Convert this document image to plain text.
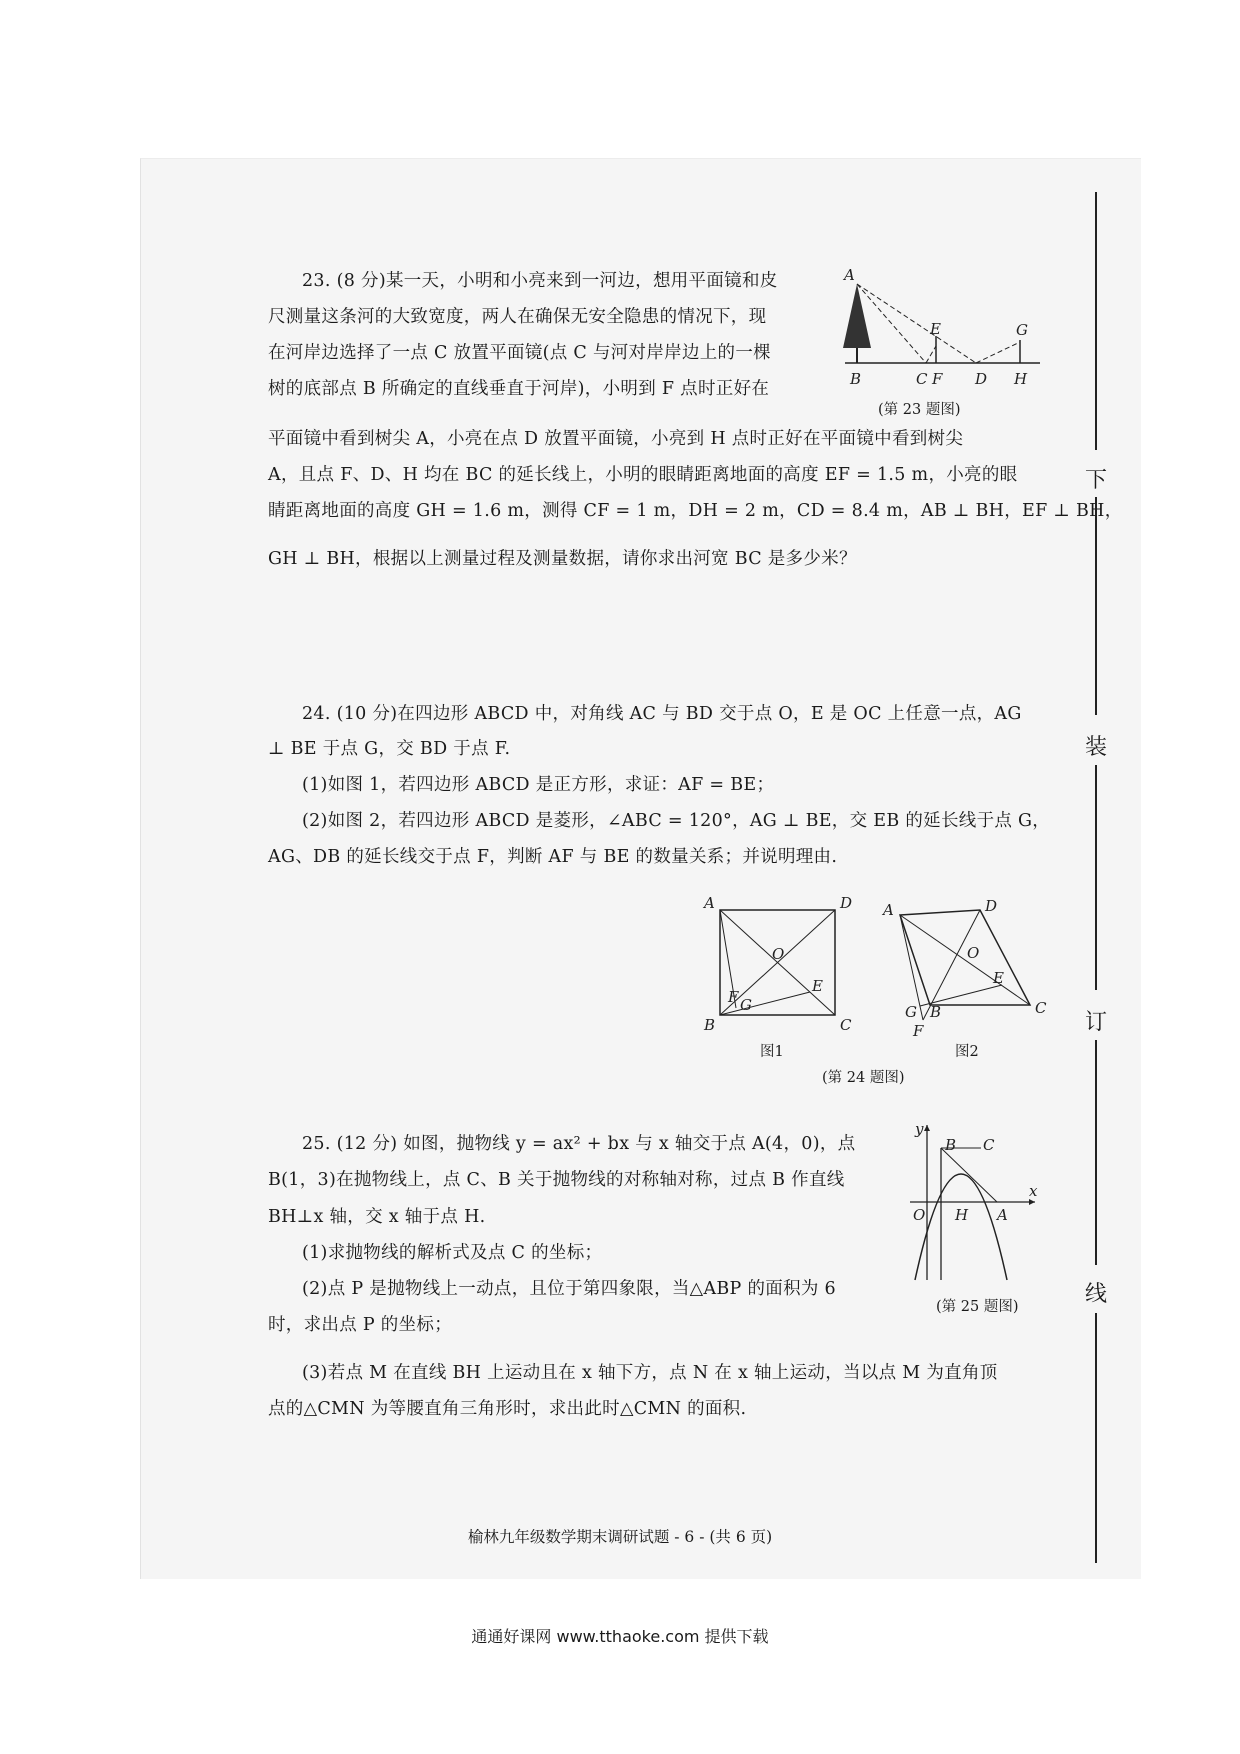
23. (8 分)某一天，小明和小亮来到一河边，想用平面镜和皮

尺测量这条河的大致宽度，两人在确保无安全隐患的情况下，现

在河岸边选择了一点 C 放置平面镜(点 C 与河对岸岸边上的一棵

树的底部点 B 所确定的直线垂直于河岸)，小明到 F 点时正好在

平面镜中看到树尖 A，小亮在点 D 放置平面镜，小亮到 H 点时正好在平面镜中看到树尖

A，且点 F、D、H 均在 BC 的延长线上，小明的眼睛距离地面的高度 EF = 1.5 m，小亮的眼

睛距离地面的高度 GH = 1.6 m，测得 CF = 1 m，DH = 2 m，CD = 8.4 m，AB ⊥ BH，EF ⊥ BH，

GH ⊥ BH，根据以上测量过程及测量数据，请你求出河宽 BC 是多少米？

A
E	G
B	C F D H
(第 23 题图)

24. (10 分)在四边形 ABCD 中，对角线 AC 与 BD 交于点 O，E 是 OC 上任意一点，AG

⊥ BE 于点 G，交 BD 于点 F.

(1)如图 1，若四边形 ABCD 是正方形，求证：AF = BE；

(2)如图 2，若四边形 ABCD 是菱形，∠ABC = 120°，AG ⊥ BE，交 EB 的延长线于点 G，

AG、DB 的延长线交于点 F，判断 AF 与 BE 的数量关系；并说明理由.

A	D
B	C
O
E
F G
图1
A	D
O
E
G B	C
F
图2
(第 24 题图)

25. (12 分) 如图，抛物线 y = ax² + bx 与 x 轴交于点 A(4，0)，点

B(1，3)在抛物线上，点 C、B 关于抛物线的对称轴对称，过点 B 作直线

BH⊥x 轴，交 x 轴于点 H.

(1)求抛物线的解析式及点 C 的坐标；

(2)点 P 是抛物线上一动点，且位于第四象限，当△ABP 的面积为 6

时，求出点 P 的坐标；

(3)若点 M 在直线 BH 上运动且在 x 轴下方，点 N 在 x 轴上运动，当以点 M 为直角顶

点的△CMN 为等腰直角三角形时，求出此时△CMN 的面积.

y
x
B C
O H A
(第 25 题图)
下
装
订
线
榆林九年级数学期末调研试题 - 6 - (共 6 页)
通通好课网 www.tthaoke.com 提供下载
